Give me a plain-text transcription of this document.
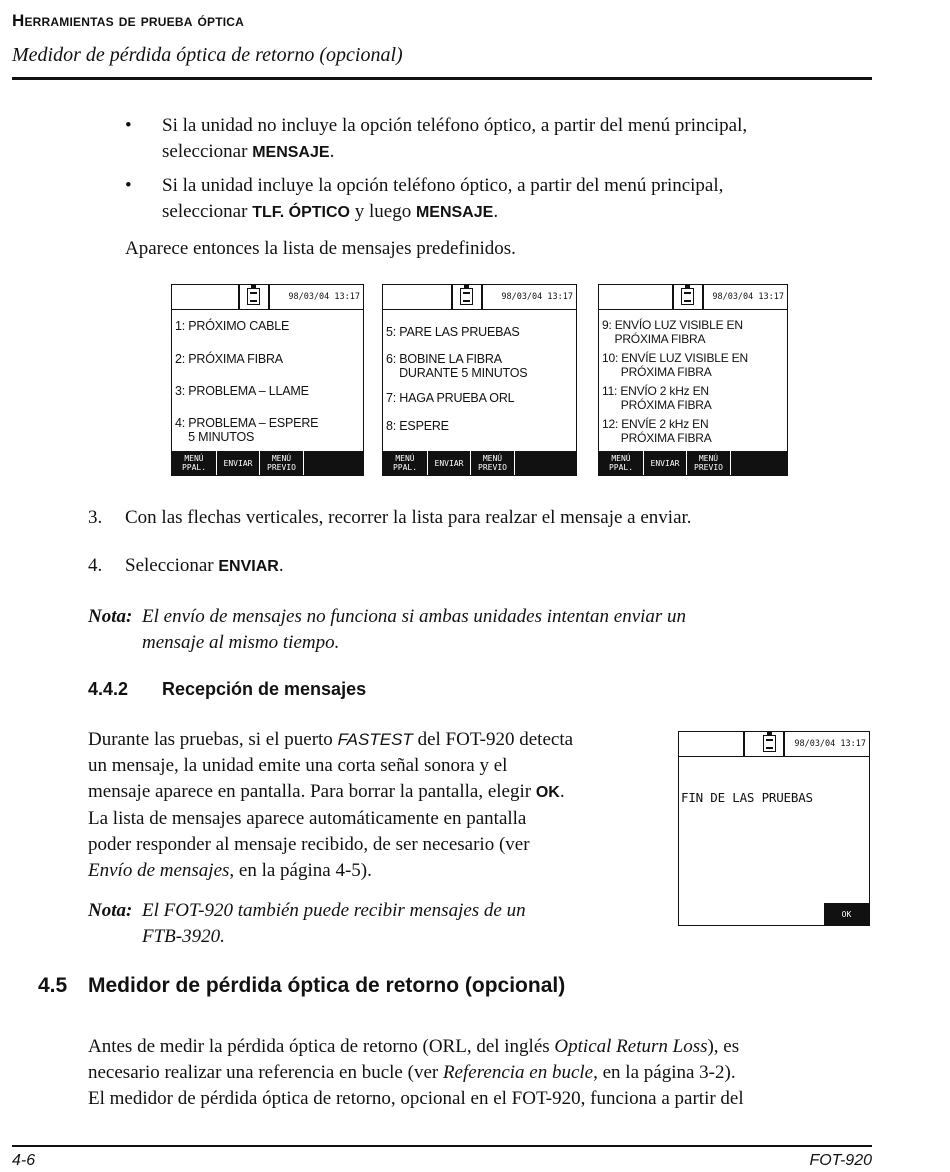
Herramientas de prueba óptica
Medidor de pérdida óptica de retorno (opcional)
• Si la unidad no incluye la opción teléfono óptico, a partir del menú principal,
seleccionar MENSAJE.
• Si la unidad incluye la opción teléfono óptico, a partir del menú principal,
seleccionar TLF. ÓPTICO y luego MENSAJE.
Aparece entonces la lista de mensajes predefinidos.
98/03/04 13:17
1: PRÓXIMO CABLE
2: PRÓXIMA FIBRA
3: PROBLEMA – LLAME
4: PROBLEMA – ESPERE
5 MINUTOS
MENÚ
PPAL.	ENVIAR	MENÚ
PREVIO
98/03/04 13:17
5: PARE LAS PRUEBAS
6: BOBINE LA FIBRA
DURANTE 5 MINUTOS
7: HAGA PRUEBA ORL
8: ESPERE
MENÚ
PPAL.	ENVIAR	MENÚ
PREVIO
98/03/04 13:17
9: ENVÍO LUZ VISIBLE EN
PRÓXIMA FIBRA
10: ENVÍE LUZ VISIBLE EN
PRÓXIMA FIBRA
11: ENVÍO 2 kHz EN
PRÓXIMA FIBRA
12: ENVÍE 2 kHz EN
PRÓXIMA FIBRA
MENÚ
PPAL.	ENVIAR	MENÚ
PREVIO
3. Con las flechas verticales, recorrer la lista para realzar el mensaje a enviar.
4. Seleccionar ENVIAR.
Nota: El envío de mensajes no funciona si ambas unidades intentan enviar un
mensaje al mismo tiempo.
4.4.2 Recepción de mensajes
Durante las pruebas, si el puerto FASTEST del FOT-920 detecta
un mensaje, la unidad emite una corta señal sonora y el
mensaje aparece en pantalla. Para borrar la pantalla, elegir OK.
La lista de mensajes aparece automáticamente en pantalla
poder responder al mensaje recibido, de ser necesario (ver
Envío de mensajes, en la página 4-5).
98/03/04 13:17
FIN DE LAS PRUEBAS
OK
Nota: El FOT-920 también puede recibir mensajes de un
FTB-3920.
4.5 Medidor de pérdida óptica de retorno (opcional)
Antes de medir la pérdida óptica de retorno (ORL, del inglés Optical Return Loss), es
necesario realizar una referencia en bucle (ver Referencia en bucle, en la página 3-2).
El medidor de pérdida óptica de retorno, opcional en el FOT-920, funciona a partir del
4-6	FOT-920
